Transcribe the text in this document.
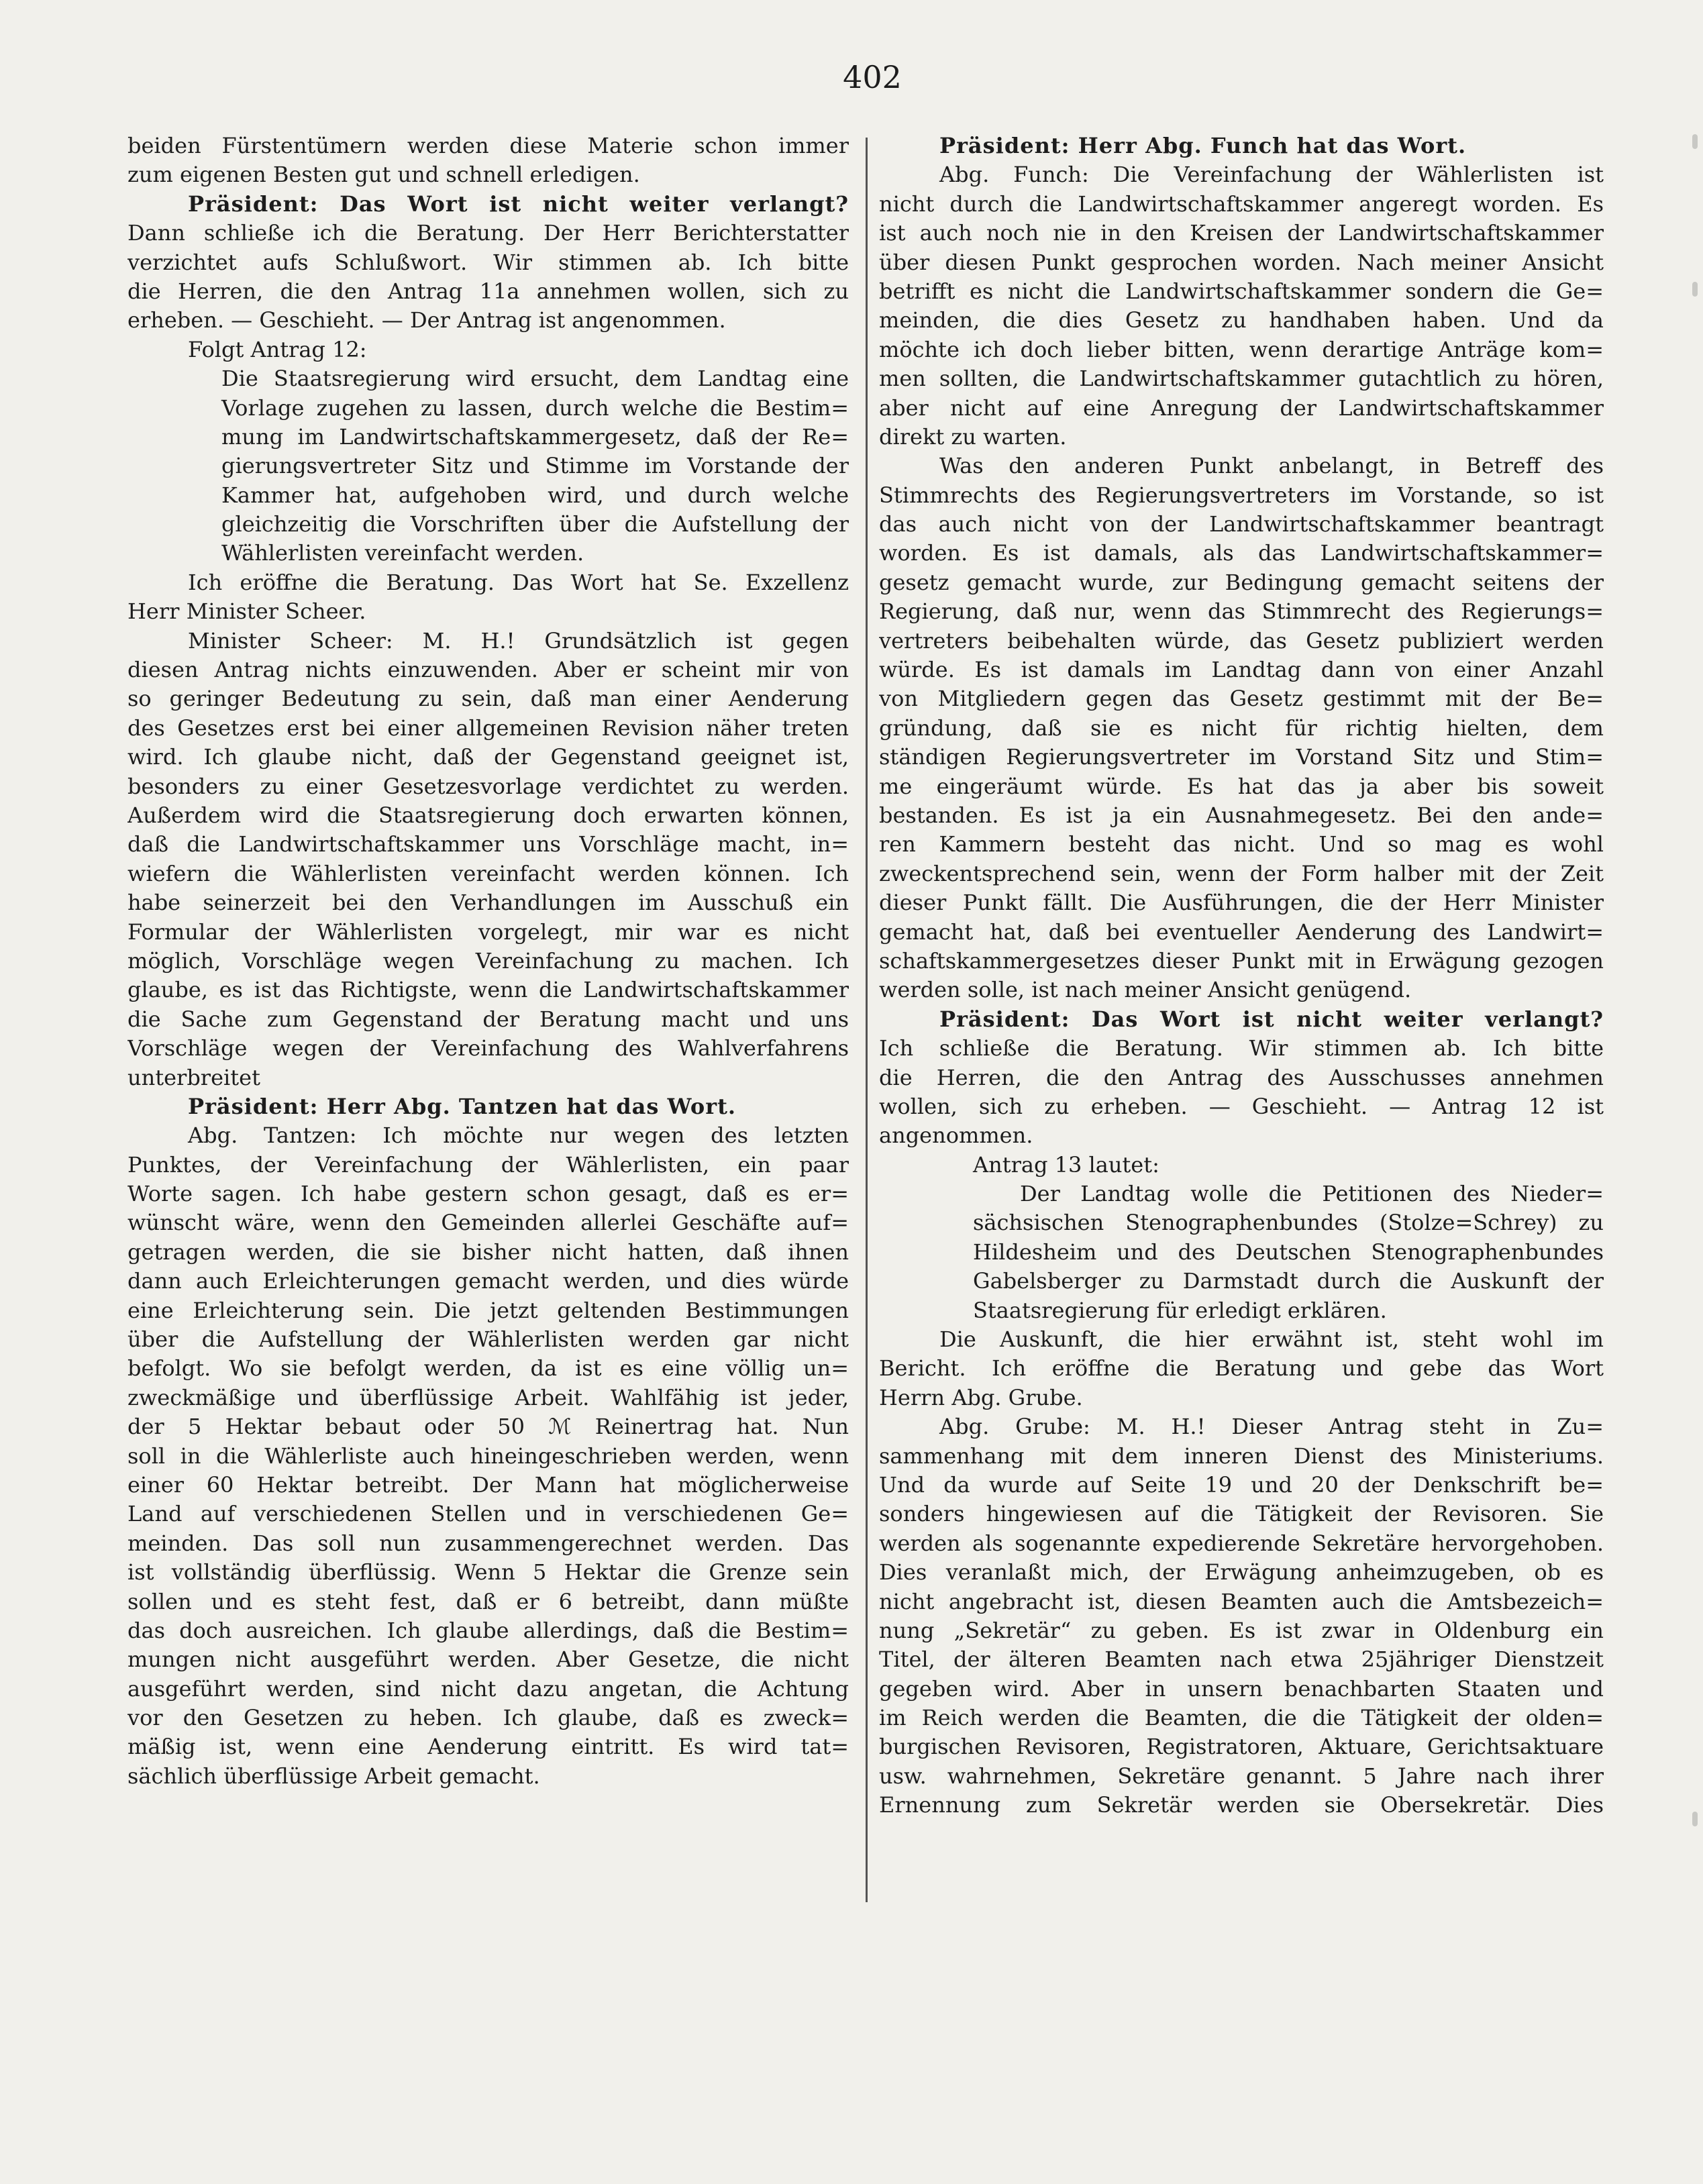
402
beiden Fürstentümern werden diese Materie schon immer
zum eigenen Besten gut und schnell erledigen.
Präsident: Das Wort ist nicht weiter verlangt?
Dann schließe ich die Beratung. Der Herr Berichterstatter
verzichtet aufs Schlußwort. Wir stimmen ab. Ich bitte
die Herren, die den Antrag 11a annehmen wollen, sich zu
erheben. — Geschieht. — Der Antrag ist angenommen.
Folgt Antrag 12:
Die Staatsregierung wird ersucht, dem Landtag eine
Vorlage zugehen zu lassen, durch welche die Bestim=
mung im Landwirtschaftskammergesetz, daß der Re=
gierungsvertreter Sitz und Stimme im Vorstande der
Kammer hat, aufgehoben wird, und durch welche
gleichzeitig die Vorschriften über die Aufstellung der
Wählerlisten vereinfacht werden.
Ich eröffne die Beratung. Das Wort hat Se. Exzellenz
Herr Minister Scheer.
Minister Scheer: M. H.! Grundsätzlich ist gegen
diesen Antrag nichts einzuwenden. Aber er scheint mir von
so geringer Bedeutung zu sein, daß man einer Aenderung
des Gesetzes erst bei einer allgemeinen Revision näher treten
wird. Ich glaube nicht, daß der Gegenstand geeignet ist,
besonders zu einer Gesetzesvorlage verdichtet zu werden.
Außerdem wird die Staatsregierung doch erwarten können,
daß die Landwirtschaftskammer uns Vorschläge macht, in=
wiefern die Wählerlisten vereinfacht werden können. Ich
habe seinerzeit bei den Verhandlungen im Ausschuß ein
Formular der Wählerlisten vorgelegt, mir war es nicht
möglich, Vorschläge wegen Vereinfachung zu machen. Ich
glaube, es ist das Richtigste, wenn die Landwirtschaftskammer
die Sache zum Gegenstand der Beratung macht und uns
Vorschläge wegen der Vereinfachung des Wahlverfahrens
unterbreitet
Präsident: Herr Abg. Tantzen hat das Wort.
Abg. Tantzen: Ich möchte nur wegen des letzten
Punktes, der Vereinfachung der Wählerlisten, ein paar
Worte sagen. Ich habe gestern schon gesagt, daß es er=
wünscht wäre, wenn den Gemeinden allerlei Geschäfte auf=
getragen werden, die sie bisher nicht hatten, daß ihnen
dann auch Erleichterungen gemacht werden, und dies würde
eine Erleichterung sein. Die jetzt geltenden Bestimmungen
über die Aufstellung der Wählerlisten werden gar nicht
befolgt. Wo sie befolgt werden, da ist es eine völlig un=
zweckmäßige und überflüssige Arbeit. Wahlfähig ist jeder,
der 5 Hektar bebaut oder 50 ℳ Reinertrag hat. Nun
soll in die Wählerliste auch hineingeschrieben werden, wenn
einer 60 Hektar betreibt. Der Mann hat möglicherweise
Land auf verschiedenen Stellen und in verschiedenen Ge=
meinden. Das soll nun zusammengerechnet werden. Das
ist vollständig überflüssig. Wenn 5 Hektar die Grenze sein
sollen und es steht fest, daß er 6 betreibt, dann müßte
das doch ausreichen. Ich glaube allerdings, daß die Bestim=
mungen nicht ausgeführt werden. Aber Gesetze, die nicht
ausgeführt werden, sind nicht dazu angetan, die Achtung
vor den Gesetzen zu heben. Ich glaube, daß es zweck=
mäßig ist, wenn eine Aenderung eintritt. Es wird tat=
sächlich überflüssige Arbeit gemacht.
Präsident: Herr Abg. Funch hat das Wort.
Abg. Funch: Die Vereinfachung der Wählerlisten ist
nicht durch die Landwirtschaftskammer angeregt worden. Es
ist auch noch nie in den Kreisen der Landwirtschaftskammer
über diesen Punkt gesprochen worden. Nach meiner Ansicht
betrifft es nicht die Landwirtschaftskammer sondern die Ge=
meinden, die dies Gesetz zu handhaben haben. Und da
möchte ich doch lieber bitten, wenn derartige Anträge kom=
men sollten, die Landwirtschaftskammer gutachtlich zu hören,
aber nicht auf eine Anregung der Landwirtschaftskammer
direkt zu warten.
Was den anderen Punkt anbelangt, in Betreff des
Stimmrechts des Regierungsvertreters im Vorstande, so ist
das auch nicht von der Landwirtschaftskammer beantragt
worden. Es ist damals, als das Landwirtschaftskammer=
gesetz gemacht wurde, zur Bedingung gemacht seitens der
Regierung, daß nur, wenn das Stimmrecht des Regierungs=
vertreters beibehalten würde, das Gesetz publiziert werden
würde. Es ist damals im Landtag dann von einer Anzahl
von Mitgliedern gegen das Gesetz gestimmt mit der Be=
gründung, daß sie es nicht für richtig hielten, dem
ständigen Regierungsvertreter im Vorstand Sitz und Stim=
me eingeräumt würde. Es hat das ja aber bis soweit
bestanden. Es ist ja ein Ausnahmegesetz. Bei den ande=
ren Kammern besteht das nicht. Und so mag es wohl
zweckentsprechend sein, wenn der Form halber mit der Zeit
dieser Punkt fällt. Die Ausführungen, die der Herr Minister
gemacht hat, daß bei eventueller Aenderung des Landwirt=
schaftskammergesetzes dieser Punkt mit in Erwägung gezogen
werden solle, ist nach meiner Ansicht genügend.
Präsident: Das Wort ist nicht weiter verlangt?
Ich schließe die Beratung. Wir stimmen ab. Ich bitte
die Herren, die den Antrag des Ausschusses annehmen
wollen, sich zu erheben. — Geschieht. — Antrag 12 ist
angenommen.
Antrag 13 lautet:
Der Landtag wolle die Petitionen des Nieder=
sächsischen Stenographenbundes (Stolze=Schrey) zu
Hildesheim und des Deutschen Stenographenbundes
Gabelsberger zu Darmstadt durch die Auskunft der
Staatsregierung für erledigt erklären.
Die Auskunft, die hier erwähnt ist, steht wohl im
Bericht. Ich eröffne die Beratung und gebe das Wort
Herrn Abg. Grube.
Abg. Grube: M. H.! Dieser Antrag steht in Zu=
sammenhang mit dem inneren Dienst des Ministeriums.
Und da wurde auf Seite 19 und 20 der Denkschrift be=
sonders hingewiesen auf die Tätigkeit der Revisoren. Sie
werden als sogenannte expedierende Sekretäre hervorgehoben.
Dies veranlaßt mich, der Erwägung anheimzugeben, ob es
nicht angebracht ist, diesen Beamten auch die Amtsbezeich=
nung „Sekretär“ zu geben. Es ist zwar in Oldenburg ein
Titel, der älteren Beamten nach etwa 25jähriger Dienstzeit
gegeben wird. Aber in unsern benachbarten Staaten und
im Reich werden die Beamten, die die Tätigkeit der olden=
burgischen Revisoren, Registratoren, Aktuare, Gerichtsaktuare
usw. wahrnehmen, Sekretäre genannt. 5 Jahre nach ihrer
Ernennung zum Sekretär werden sie Obersekretär. Dies
